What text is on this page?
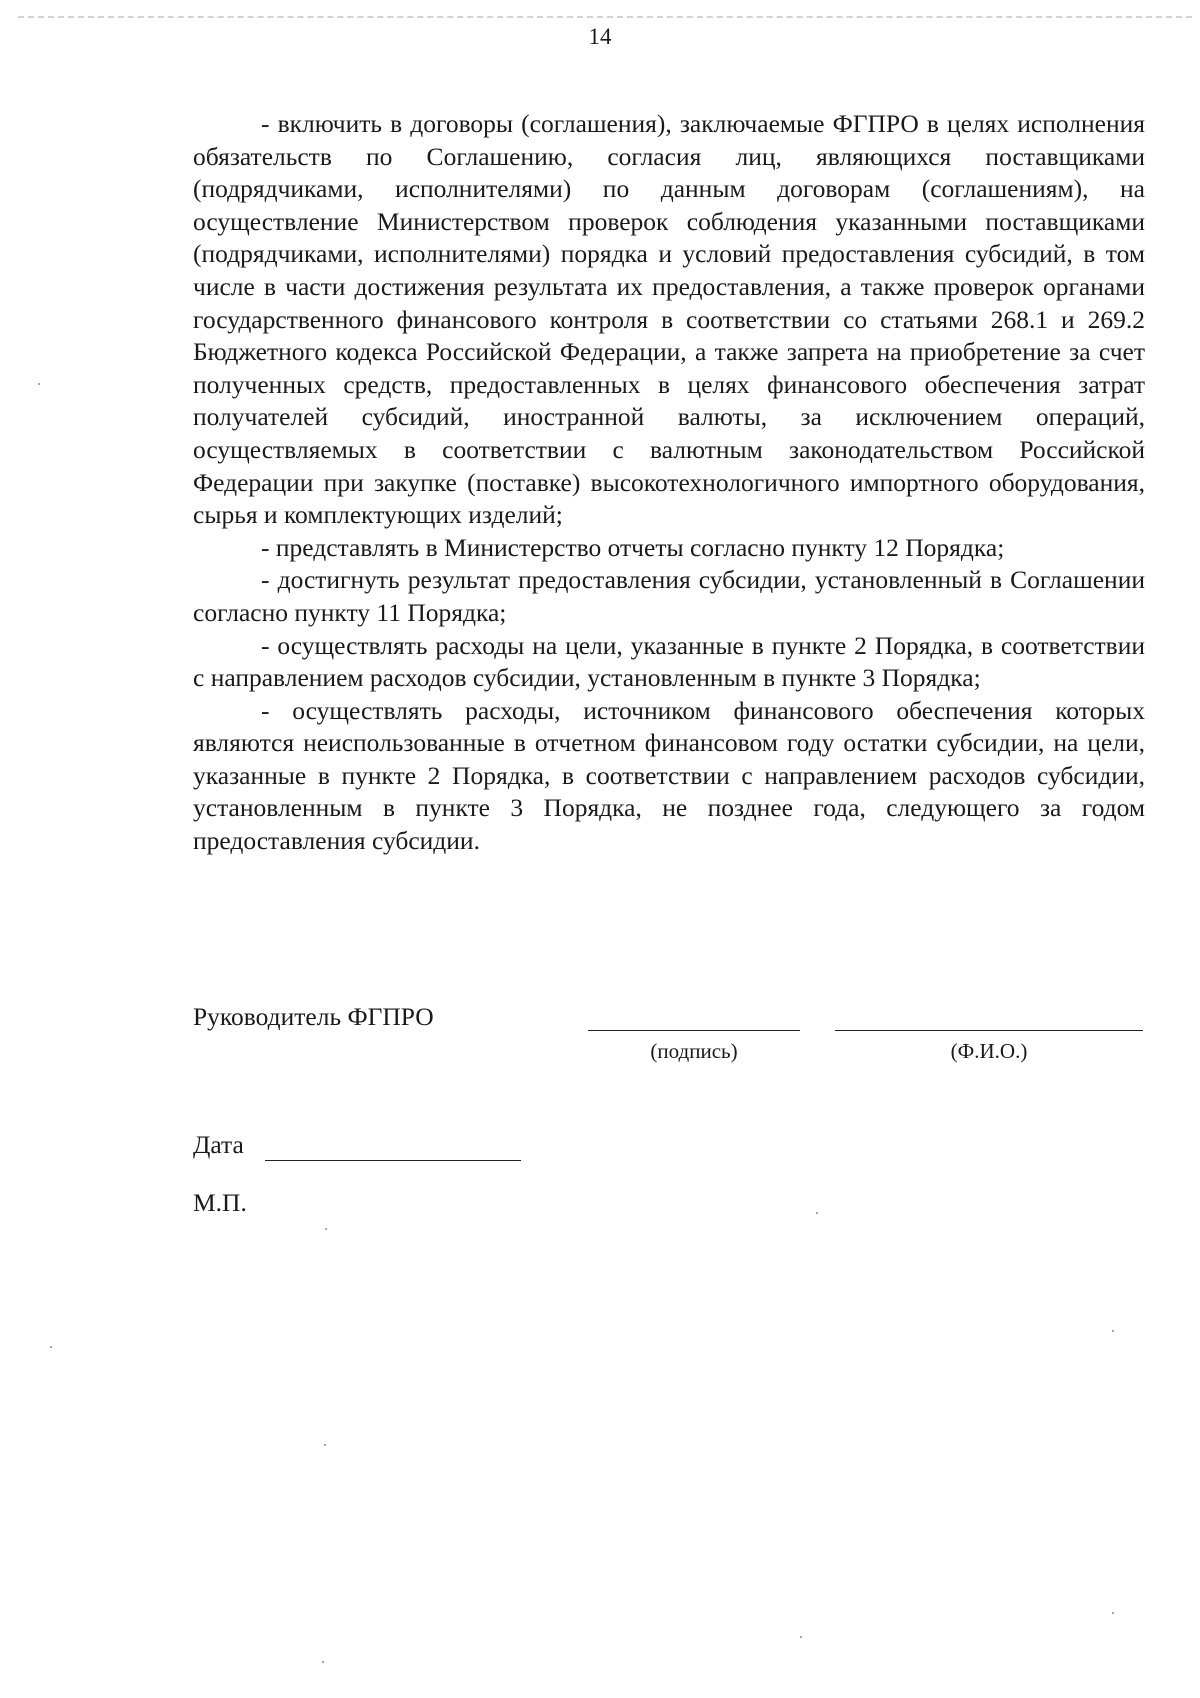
14

- включить в договоры (соглашения), заключаемые ФГПРО в целях исполнения обязательств по Соглашению, согласия лиц, являющихся поставщиками (подрядчиками, исполнителями) по данным договорам (соглашениям), на осуществление Министерством проверок соблюдения указанными поставщиками (подрядчиками, исполнителями) порядка и условий предоставления субсидий, в том числе в части достижения результата их предоставления, а также проверок органами государственного финансового контроля в соответствии со статьями 268.1 и 269.2 Бюджетного кодекса Российской Федерации, а также запрета на приобретение за счет полученных средств, предоставленных в целях финансового обеспечения затрат получателей субсидий, иностранной валюты, за исключением операций, осуществляемых в соответствии с валютным законодательством Российской Федерации при закупке (поставке) высокотехнологичного импортного оборудования, сырья и комплектующих изделий;

- представлять в Министерство отчеты согласно пункту 12 Порядка;

- достигнуть результат предоставления субсидии, установленный в Соглашении согласно пункту 11 Порядка;

- осуществлять расходы на цели, указанные в пункте 2 Порядка, в соответствии с направлением расходов субсидии, установленным в пункте 3 Порядка;

- осуществлять расходы, источником финансового обеспечения которых являются неиспользованные в отчетном финансовом году остатки субсидии, на цели, указанные в пункте 2 Порядка, в соответствии с направлением расходов субсидии, установленным в пункте 3 Порядка, не позднее года, следующего за годом предоставления субсидии.

Руководитель ФГПРО
(подпись)	(Ф.И.О.)
Дата
М.П.
